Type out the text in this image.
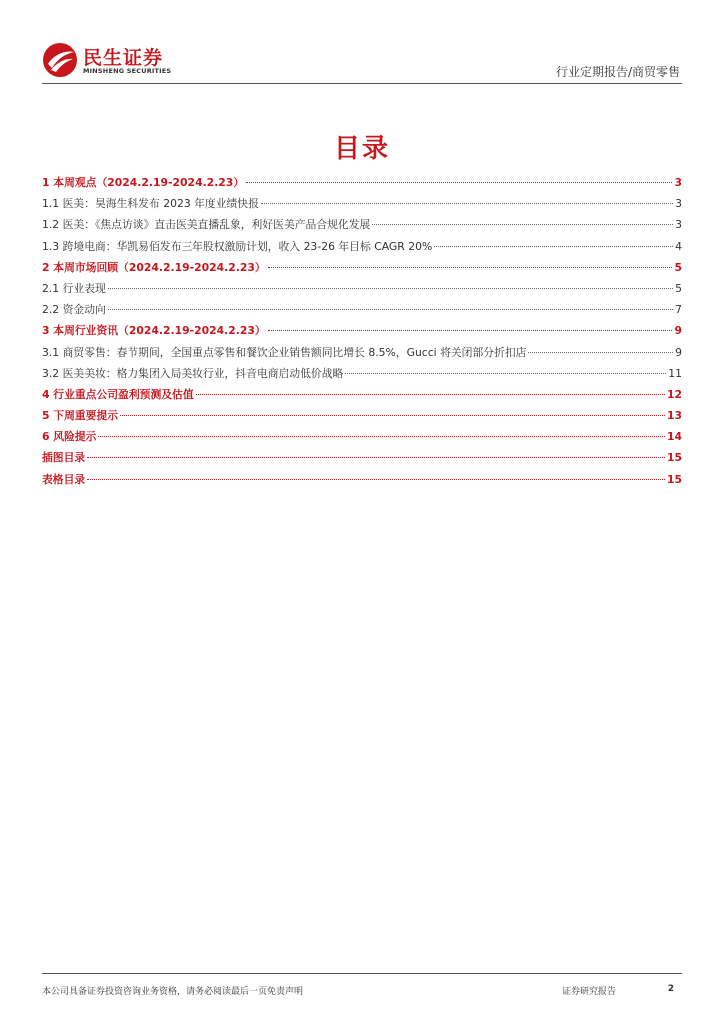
民生证券
MINSHENG SECURITIES	行业定期报告/商贸零售
目录
1 本周观点（2024.2.19-2024.2.23）	3
1.1 医美：昊海生科发布 2023 年度业绩快报	3
1.2 医美：《焦点访谈》直击医美直播乱象，利好医美产品合规化发展	3
1.3 跨境电商：华凯易佰发布三年股权激励计划，收入 23-26 年目标 CAGR 20%	4
2 本周市场回顾（2024.2.19-2024.2.23）	5
2.1 行业表现	5
2.2 资金动向	7
3 本周行业资讯（2024.2.19-2024.2.23）	9
3.1 商贸零售：春节期间，全国重点零售和餐饮企业销售额同比增长 8.5%，Gucci 将关闭部分折扣店	9
3.2 医美美妆：格力集团入局美妆行业，抖音电商启动低价战略	11
4 行业重点公司盈利预测及估值	12
5 下周重要提示	13
6 风险提示	14
插图目录	15
表格目录	15
本公司具备证券投资咨询业务资格，请务必阅读最后一页免责声明	证券研究报告	2
